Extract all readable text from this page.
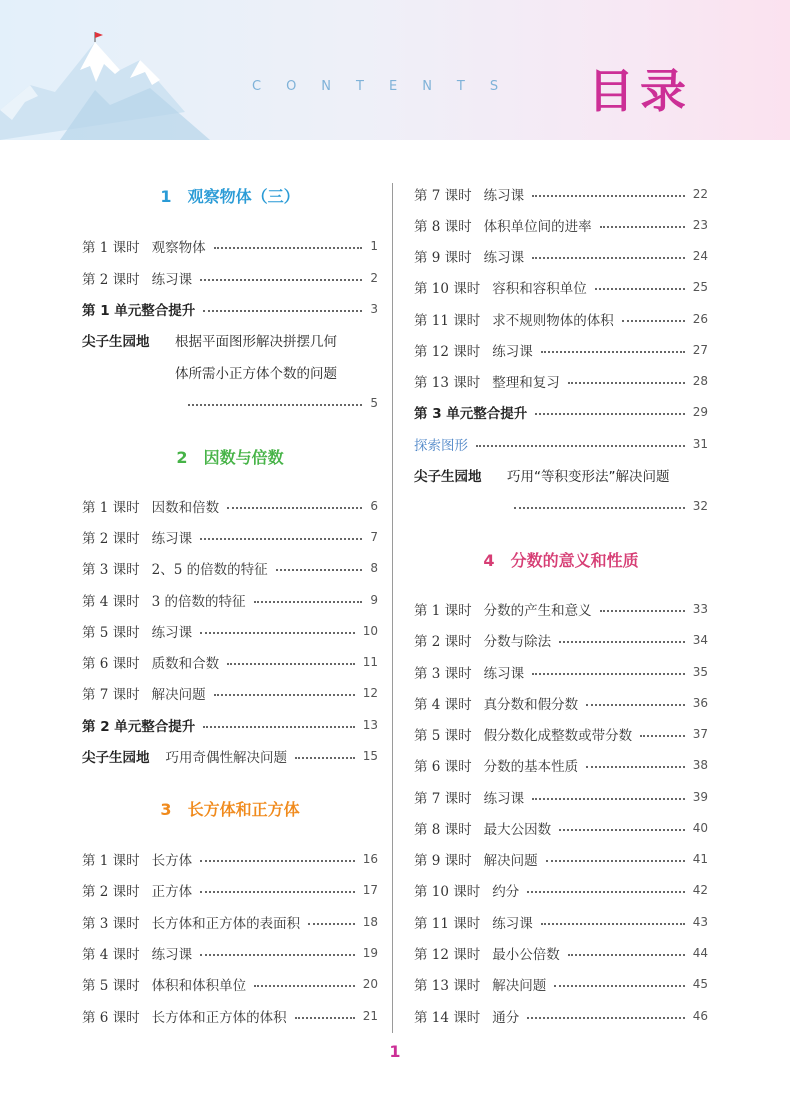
CONTENTS 目录
1 观察物体（三）
第 1 课时 观察物体	1
第 2 课时 练习课	2
第 1 单元整合提升	3
尖子生园地 根据平面图形解决拼摆几何
体所需小正方体个数的问题
5
2 因数与倍数
第 1 课时 因数和倍数	6
第 2 课时 练习课	7
第 3 课时 2、5 的倍数的特征	8
第 4 课时 3 的倍数的特征	9
第 5 课时 练习课	10
第 6 课时 质数和合数	11
第 7 课时 解决问题	12
第 2 单元整合提升	13
尖子生园地 巧用奇偶性解决问题	15
3 长方体和正方体
第 1 课时 长方体	16
第 2 课时 正方体	17
第 3 课时 长方体和正方体的表面积	18
第 4 课时 练习课	19
第 5 课时 体积和体积单位	20
第 6 课时 长方体和正方体的体积	21
第 7 课时 练习课	22
第 8 课时 体积单位间的进率	23
第 9 课时 练习课	24
第 10 课时 容积和容积单位	25
第 11 课时 求不规则物体的体积	26
第 12 课时 练习课	27
第 13 课时 整理和复习	28
第 3 单元整合提升	29
探索图形	31
尖子生园地 巧用“等积变形法”解决问题
32
4 分数的意义和性质
第 1 课时 分数的产生和意义	33
第 2 课时 分数与除法	34
第 3 课时 练习课	35
第 4 课时 真分数和假分数	36
第 5 课时 假分数化成整数或带分数	37
第 6 课时 分数的基本性质	38
第 7 课时 练习课	39
第 8 课时 最大公因数	40
第 9 课时 解决问题	41
第 10 课时 约分	42
第 11 课时 练习课	43
第 12 课时 最小公倍数	44
第 13 课时 解决问题	45
第 14 课时 通分	46
1
